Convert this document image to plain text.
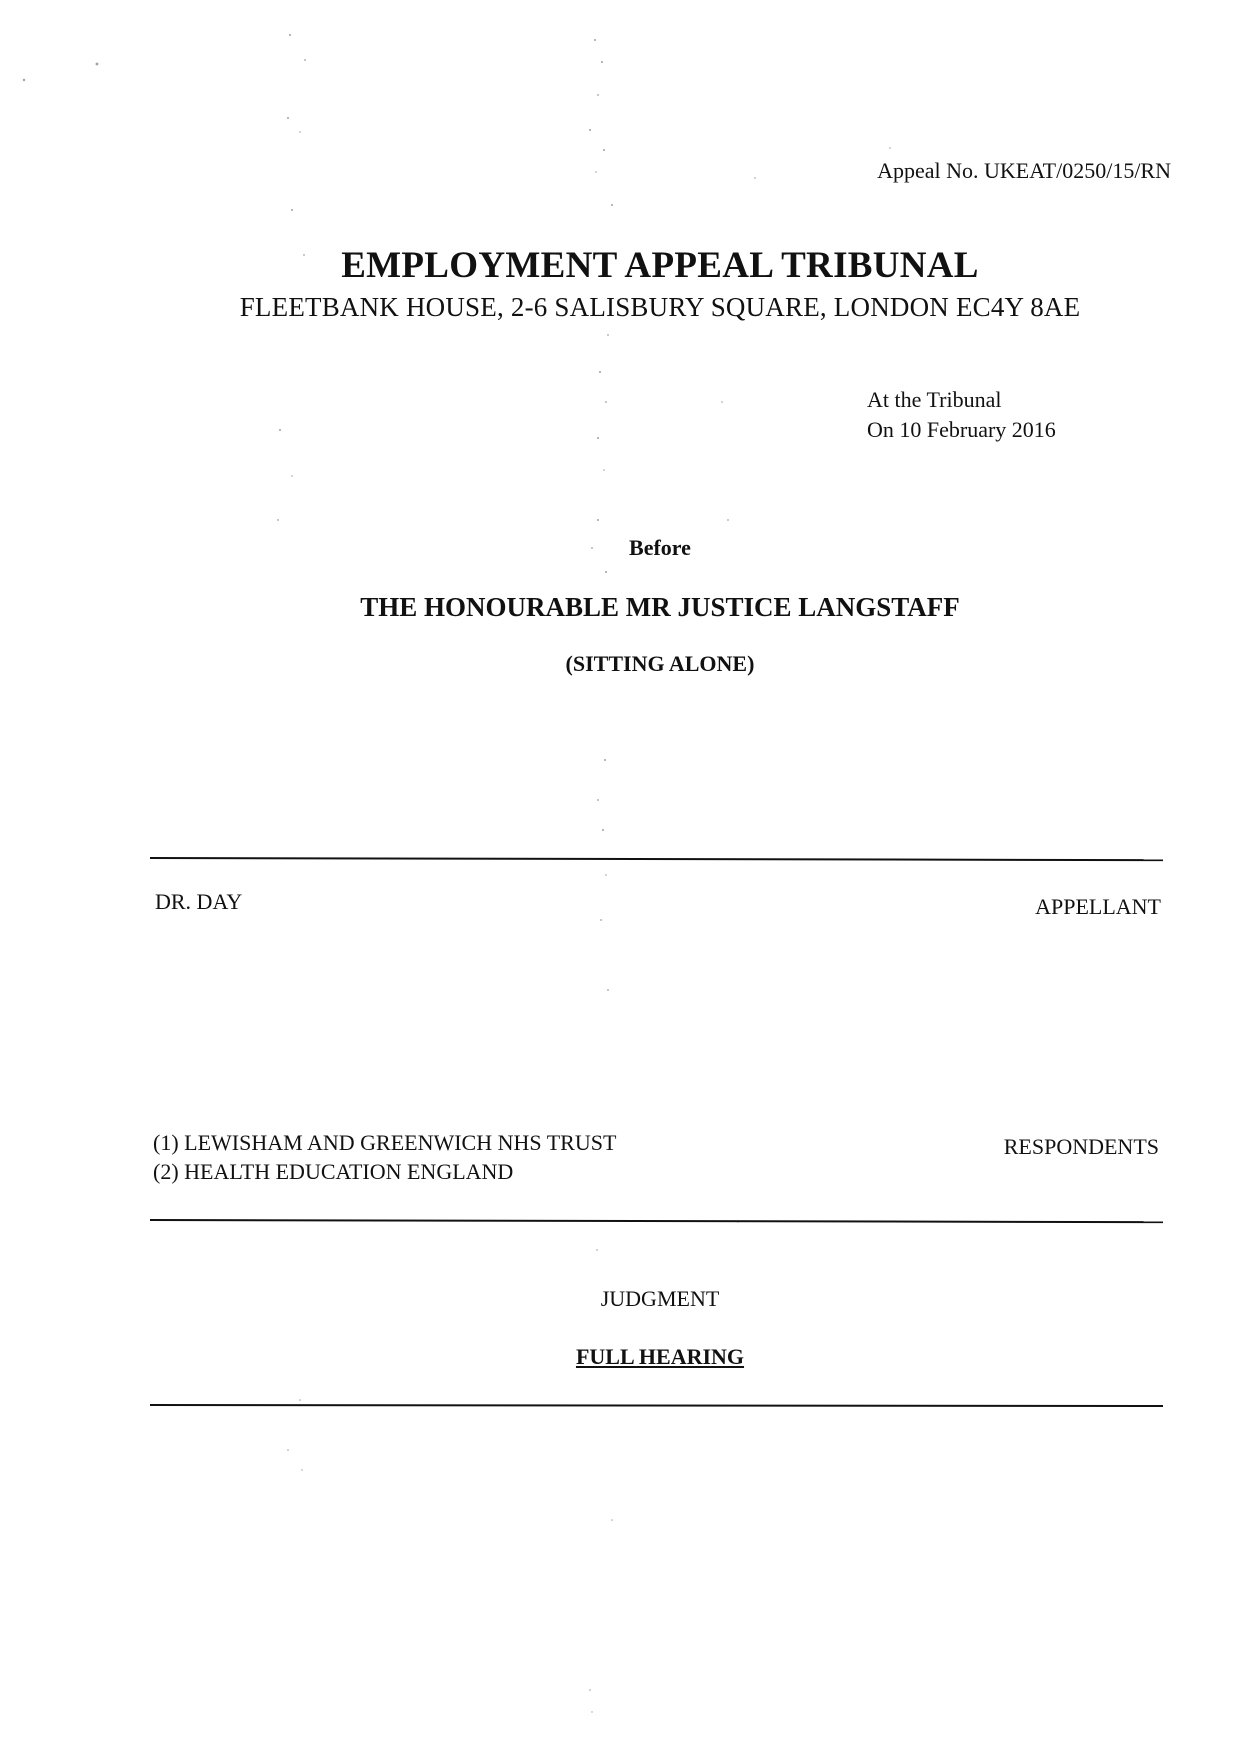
Appeal No. UKEAT/0250/15/RN

EMPLOYMENT APPEAL TRIBUNAL

FLEETBANK HOUSE, 2-6 SALISBURY SQUARE, LONDON EC4Y 8AE

At the Tribunal

On 10 February 2016

Before

THE HONOURABLE MR JUSTICE LANGSTAFF

(SITTING ALONE)

DR. DAY	APPELLANT

(1) LEWISHAM AND GREENWICH NHS TRUST

(2) HEALTH EDUCATION ENGLAND

RESPONDENTS

JUDGMENT

FULL HEARING
